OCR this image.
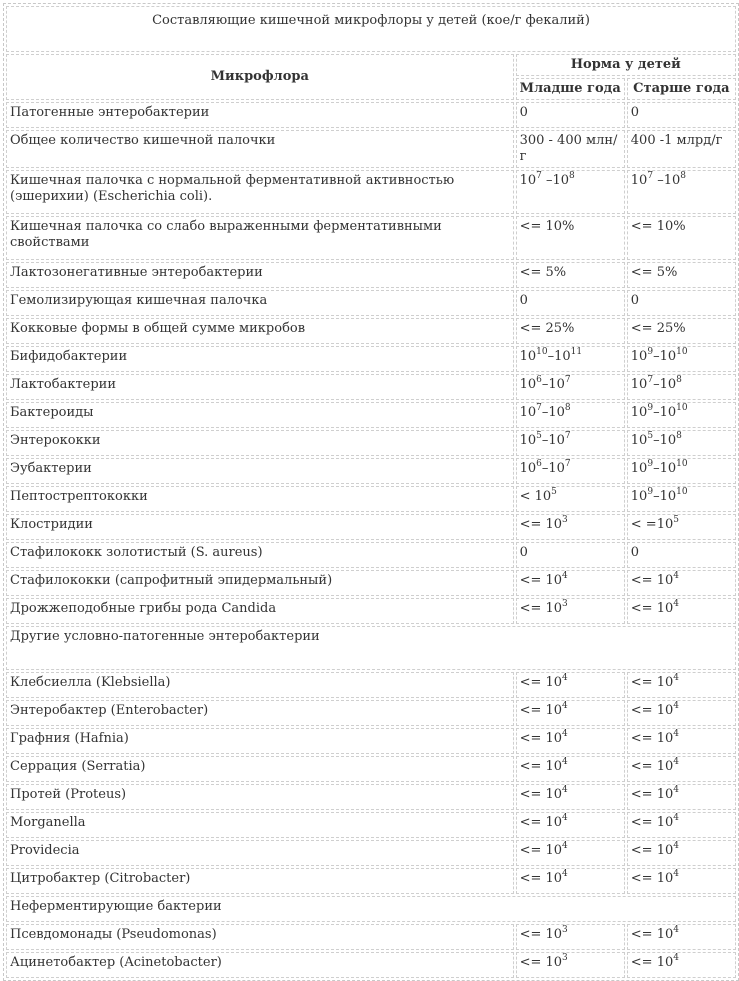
Составляющие кишечной микрофлоры у детей (кое/г фекалий)		
Микрофлора	Норма у детей	
	Младше года	Старше года
Патогенные энтеробактерии	0	0
Общее количество кишечной палочки	300 - 400 млн/г	400 -1 млрд/г
Кишечная палочка с нормальной ферментативной активностью (эшерихии) (Escherichia coli).	$10^7$ $-10^8$	$10^7$ $-10^8$
Кишечная палочка со слабо выраженными ферментативными свойствами	<= 10%	<= 10%
Лактозонегативные энтеробактерии	<= 5%	<= 5%
Гемолизирующая кишечная палочка	0	0
Кокковые формы в общей сумме микробов	<= 25%	<= 25%
Бифидобактерии	$10^{10}-10^{11}$	$10^9-10^{10}$
Лактобактерии	$10^6-10^7$	$10^7-10^8$
Бактероиды	$10^7-10^8$	$10^9-10^{10}$
Энтерококки	$10^5-10^7$	$10^5-10^8$
Эубактерии	$10^6-10^7$	$10^9-10^{10}$
Пептострептококки	< $10^5$	$10^9-10^{10}$
Клостридии	<= $10^3$	< $=10^5$
Стафилококк золотистый (S. aureus)	0	0
Стафилококки (сапрофитный эпидермальный)	<= $10^4$	<= $10^4$
Дрожжеподобные грибы рода Candida	<= $10^3$	<= $10^4$
Другие условно-патогенные энтеробактерии		
Клебсиелла (Klebsiella)	<= $10^4$	<= $10^4$
Энтеробактер (Enterobacter)	<= $10^4$	<= $10^4$
Графния (Hafnia)	<= $10^4$	<= $10^4$
Серрация (Serratia)	<= $10^4$	<= $10^4$
Протей (Proteus)	<= $10^4$	<= $10^4$
Morganella	<= $10^4$	<= $10^4$
Providecia	<= $10^4$	<= $10^4$
Цитробактер (Citrobacter)	<= $10^4$	<= $10^4$
Неферментирующие бактерии		
Псевдомонады (Pseudomonas)	<= $10^3$	<= $10^4$
Ацинетобактер (Acinetobacter)	<= $10^3$	<= $10^4$
